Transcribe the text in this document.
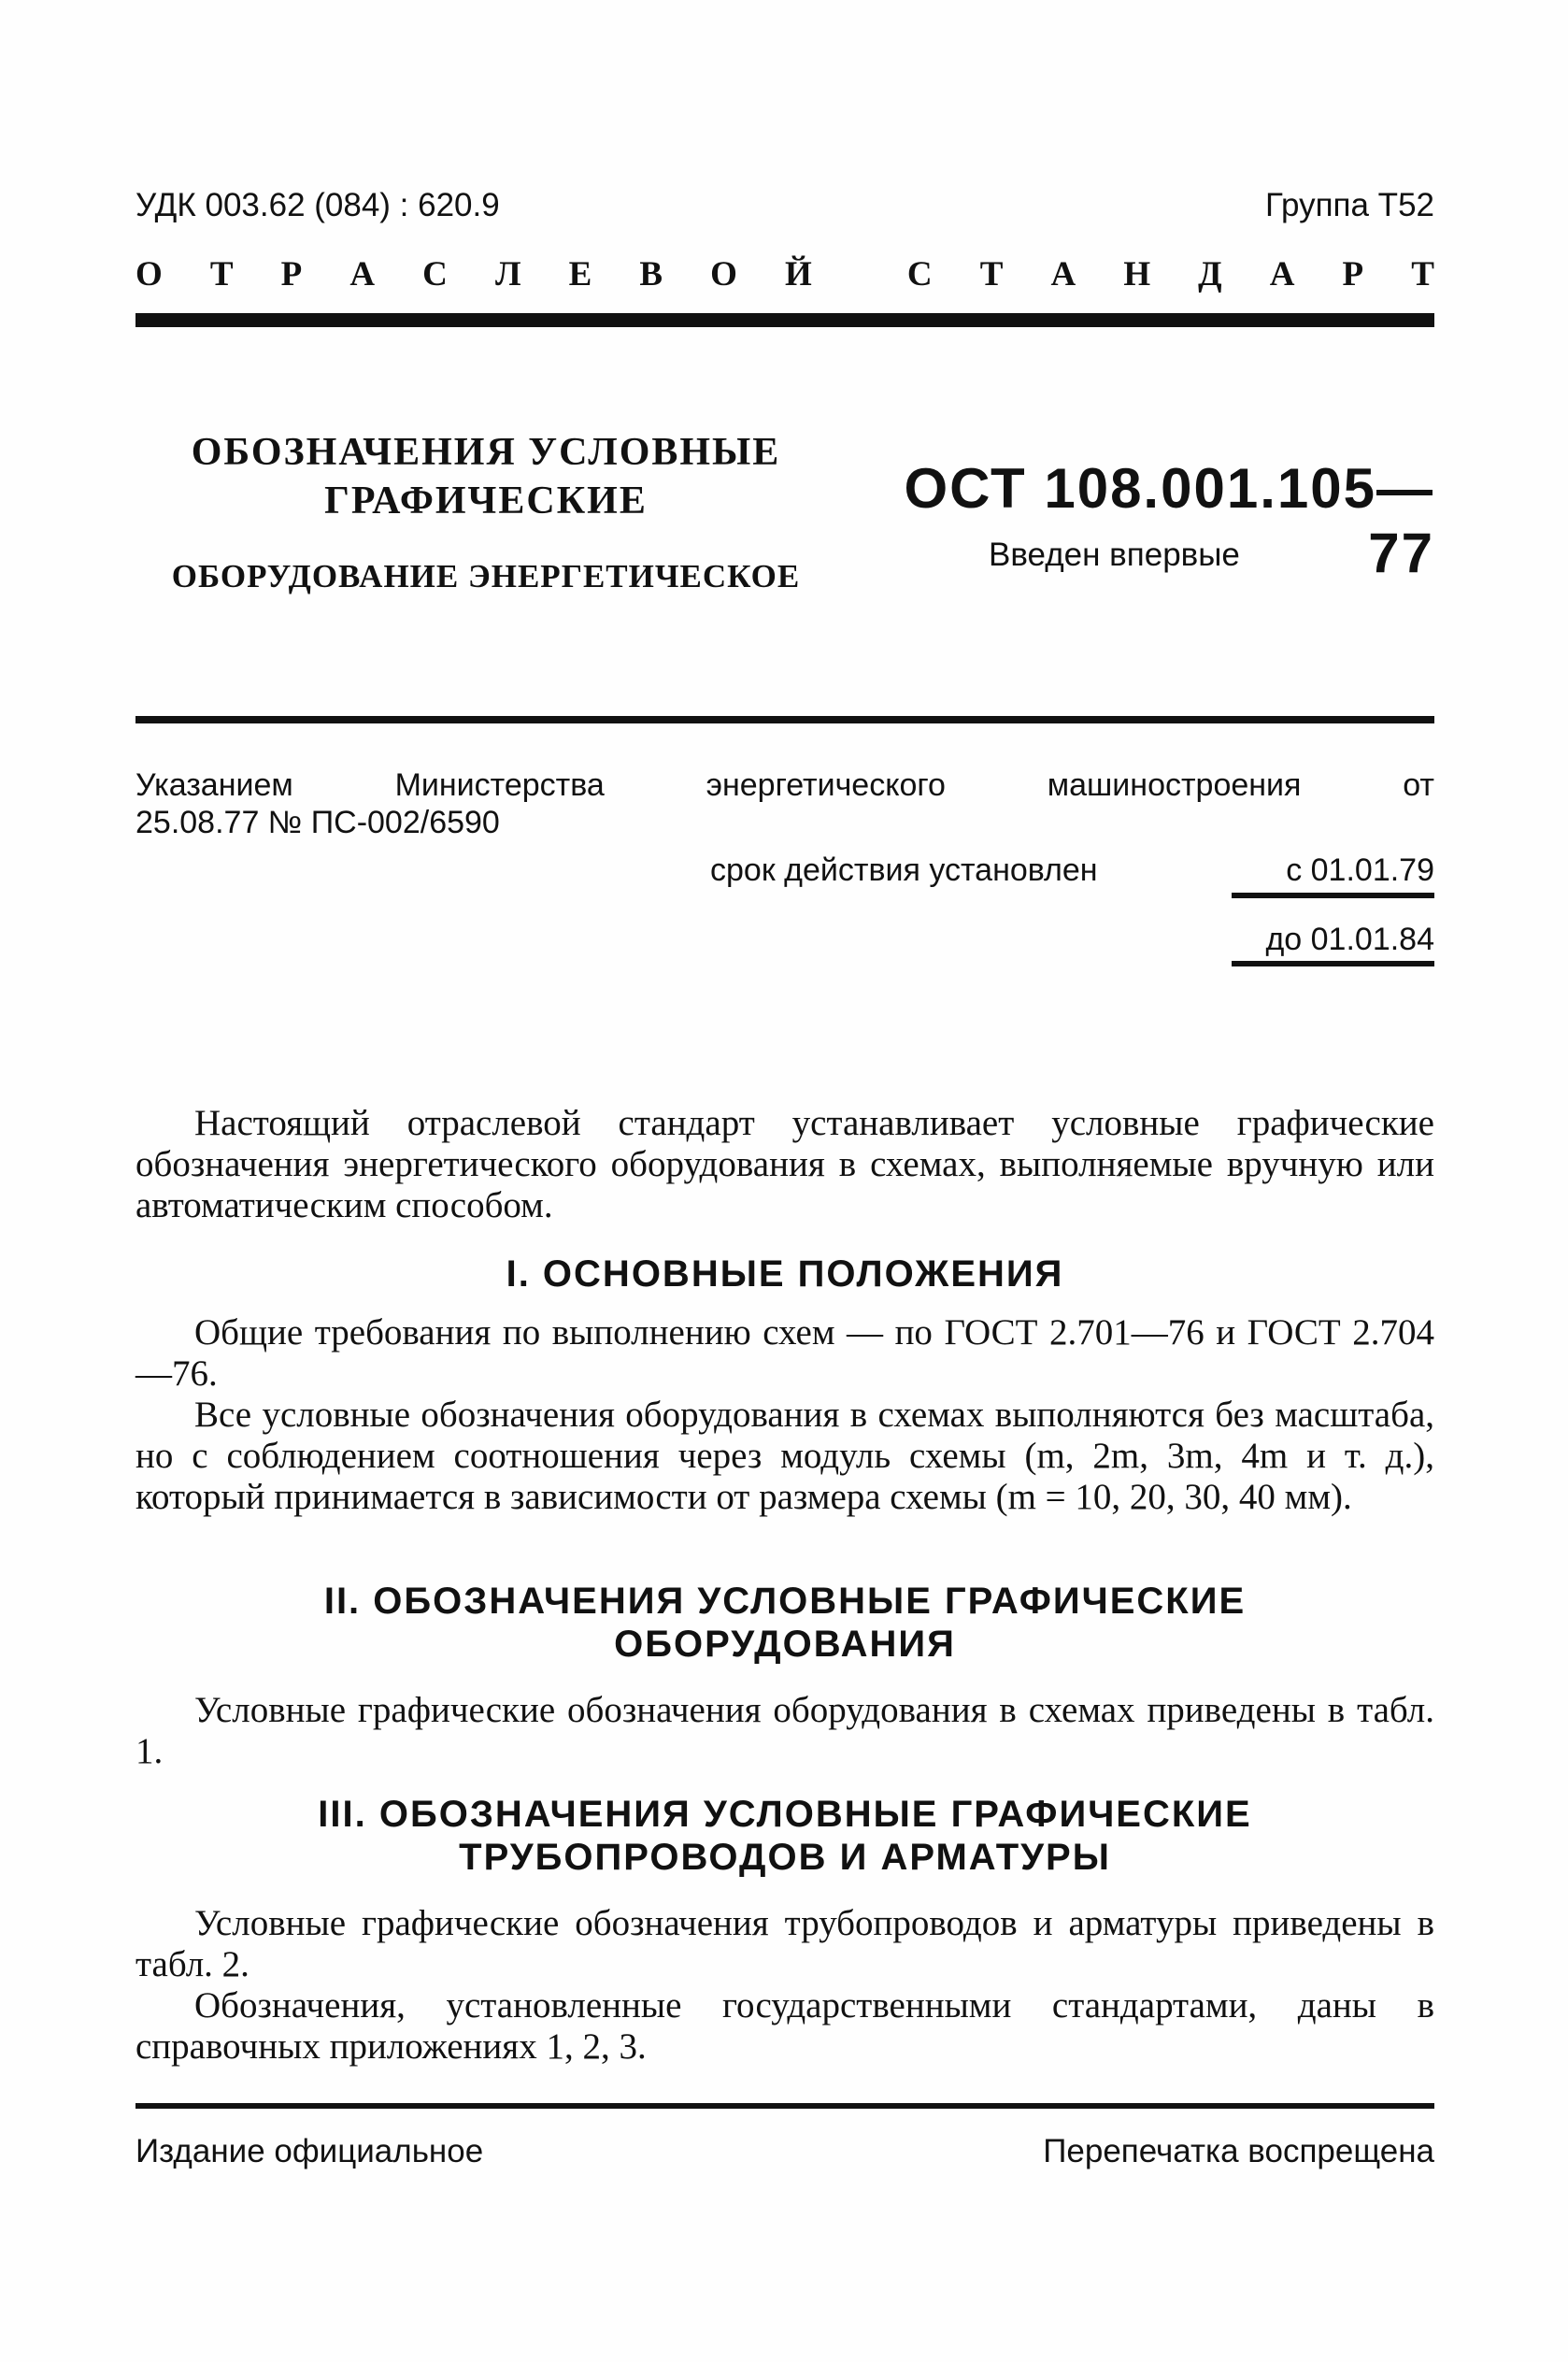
УДК 003.62 (084) : 620.9	Группа Т52
О Т Р А С Л Е В О Й	С Т А Н Д А Р Т
ОБОЗНАЧЕНИЯ УСЛОВНЫЕ
ГРАФИЧЕСКИЕ
ОБОРУДОВАНИЕ ЭНЕРГЕТИЧЕСКОЕ
ОСТ 108.001.105—77
Введен впервые
Указанием Министерства энергетического машиностроения от
25.08.77 № ПС-002/6590
срок действия установлен	с 01.01.79
до 01.01.84
Настоящий отраслевой стандарт устанавливает условные графические обозначения энергетического оборудования в схемах, выполняемые вручную или автоматическим способом.
I. ОСНОВНЫЕ ПОЛОЖЕНИЯ
Общие требования по выполнению схем — по ГОСТ 2.701—76 и ГОСТ 2.704—76.
Все условные обозначения оборудования в схемах выполняются без масштаба, но с соблюдением соотношения через модуль схемы (m, 2m, 3m, 4m и т. д.), который принимается в зависимости от размера схемы (m = 10, 20, 30, 40 мм).
II. ОБОЗНАЧЕНИЯ УСЛОВНЫЕ ГРАФИЧЕСКИЕ
ОБОРУДОВАНИЯ
Условные графические обозначения оборудования в схемах приведены в табл. 1.
III. ОБОЗНАЧЕНИЯ УСЛОВНЫЕ ГРАФИЧЕСКИЕ
ТРУБОПРОВОДОВ И АРМАТУРЫ
Условные графические обозначения трубопроводов и арматуры приведены в табл. 2.
Обозначения, установленные государственными стандартами, даны в справочных приложениях 1, 2, 3.
Издание официальное	Перепечатка воспрещена
